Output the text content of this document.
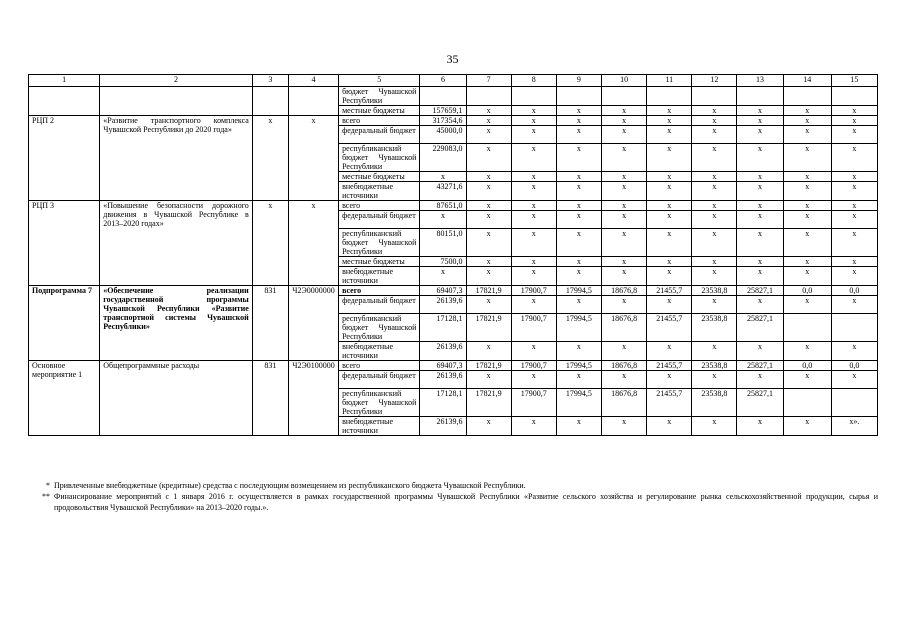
35
1	2	3	4	5	6	7	8	9	10	11	12	13	14	15
				бюджет Чувашской Республики										
				местные бюджеты	157659,1	х	х	х	х	х	х	х	х	х
РЦП 2	«Развитие транспортного комплекса Чувашской Республики до 2020 года»	х	х	всего	317354,6	х	х	х	х	х	х	х	х	х
				федеральный бюджет	45000,0	х	х	х	х	х	х	х	х	х
				республиканский бюджет Чувашской Республики	229083,0	х	х	х	х	х	х	х	х	х
				местные бюджеты	х	х	х	х	х	х	х	х	х	х
				внебюджетные источники	43271,6	х	х	х	х	х	х	х	х	х
РЦП 3	«Повышение безопасности дорожного движения в Чувашской Республике в 2013–2020 годах»	х	х	всего	87651,0	х	х	х	х	х	х	х	х	х
				федеральный бюджет	х	х	х	х	х	х	х	х	х	х
				республиканский бюджет Чувашской Республики	80151,0	х	х	х	х	х	х	х	х	х
				местные бюджеты	7500,0	х	х	х	х	х	х	х	х	х
				внебюджетные источники	х	х	х	х	х	х	х	х	х	х
Подпрограмма 7	«Обеспечение реализации государственной программы Чувашской Республики «Развитие транспортной системы Чувашской Республики»	831	Ч2Э0000000	всего	69407,3	17821,9	17900,7	17994,5	18676,8	21455,7	23538,8	25827,1	0,0	0,0
				федеральный бюджет	26139,6	х	х	х	х	х	х	х	х	х
				республиканский бюджет Чувашской Республики	17128,1	17821,9	17900,7	17994,5	18676,8	21455,7	23538,8	25827,1		
				внебюджетные источники	26139,6	х	х	х	х	х	х	х	х	х
Основное мероприятие 1	Общепрограммные расходы	831	Ч2Э0100000	всего	69407,3	17821,9	17900,7	17994,5	18676,8	21455,7	23538,8	25827,1	0,0	0,0
				федеральный бюджет	26139,6	х	х	х	х	х	х	х	х	х
				республиканский бюджет Чувашской Республики	17128,1	17821,9	17900,7	17994,5	18676,8	21455,7	23538,8	25827,1		
				внебюджетные источники	26139,6	х	х	х	х	х	х	х	х	х».
* Привлеченные внебюджетные (кредитные) средства с последующим возмещением из республиканского бюджета Чувашской Республики.
** Финансирование мероприятий с 1 января 2016 г. осуществляется в рамках государственной программы Чувашской Республики «Развитие сельского хозяйства и регулирование рынка сельскохозяйственной продукции, сырья и продовольствия Чувашской Республики» на 2013–2020 годы.».
